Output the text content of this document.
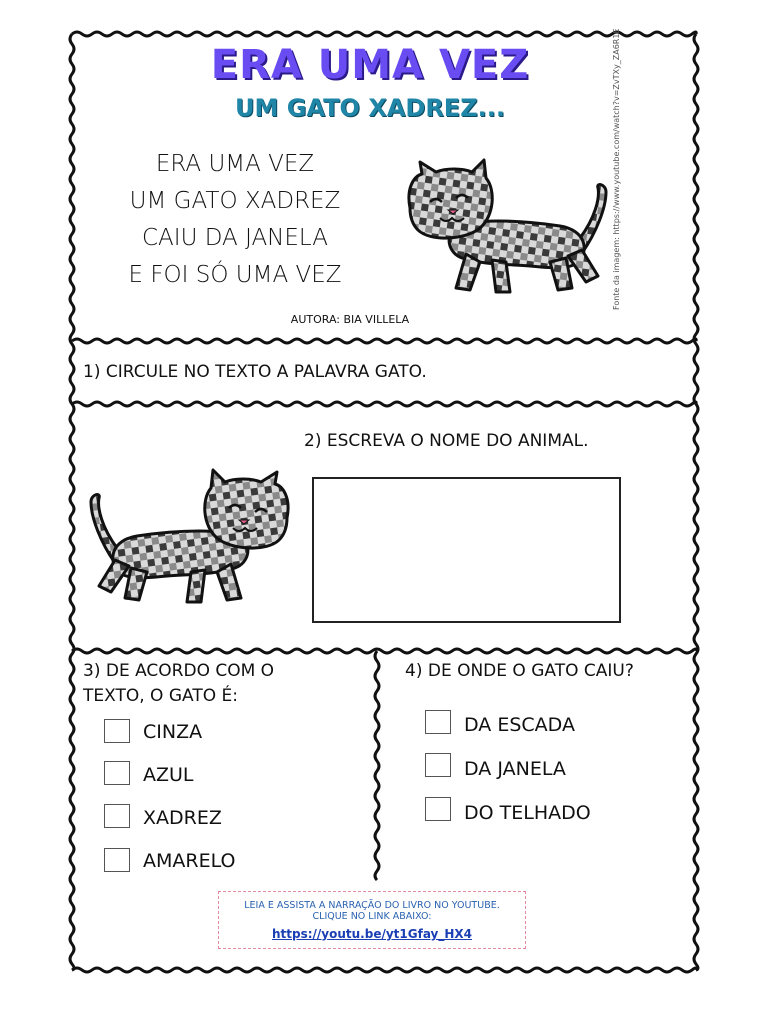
ERA UMA VEZ
UM GATO XADREZ...
ERA UMA VEZ
UM GATO XADREZ
CAIU DA JANELA
E FOI SÓ UMA VEZ
AUTORA: BIA VILLELA
Fonte da imagem: https://www.youtube.com/watch?v=ZvTXy_ZA6R1E
1) CIRCULE NO TEXTO A PALAVRA GATO.
2) ESCREVA O NOME DO ANIMAL.
3) DE ACORDO COM O
TEXTO, O GATO É:
CINZA
AZUL
XADREZ
AMARELO
4) DE ONDE O GATO CAIU?
DA ESCADA
DA JANELA
DO TELHADO
LEIA E ASSISTA A NARRAÇÃO DO LIVRO NO YOUTUBE.
CLIQUE NO LINK ABAIXO:
https://youtu.be/yt1Gfay_HX4
